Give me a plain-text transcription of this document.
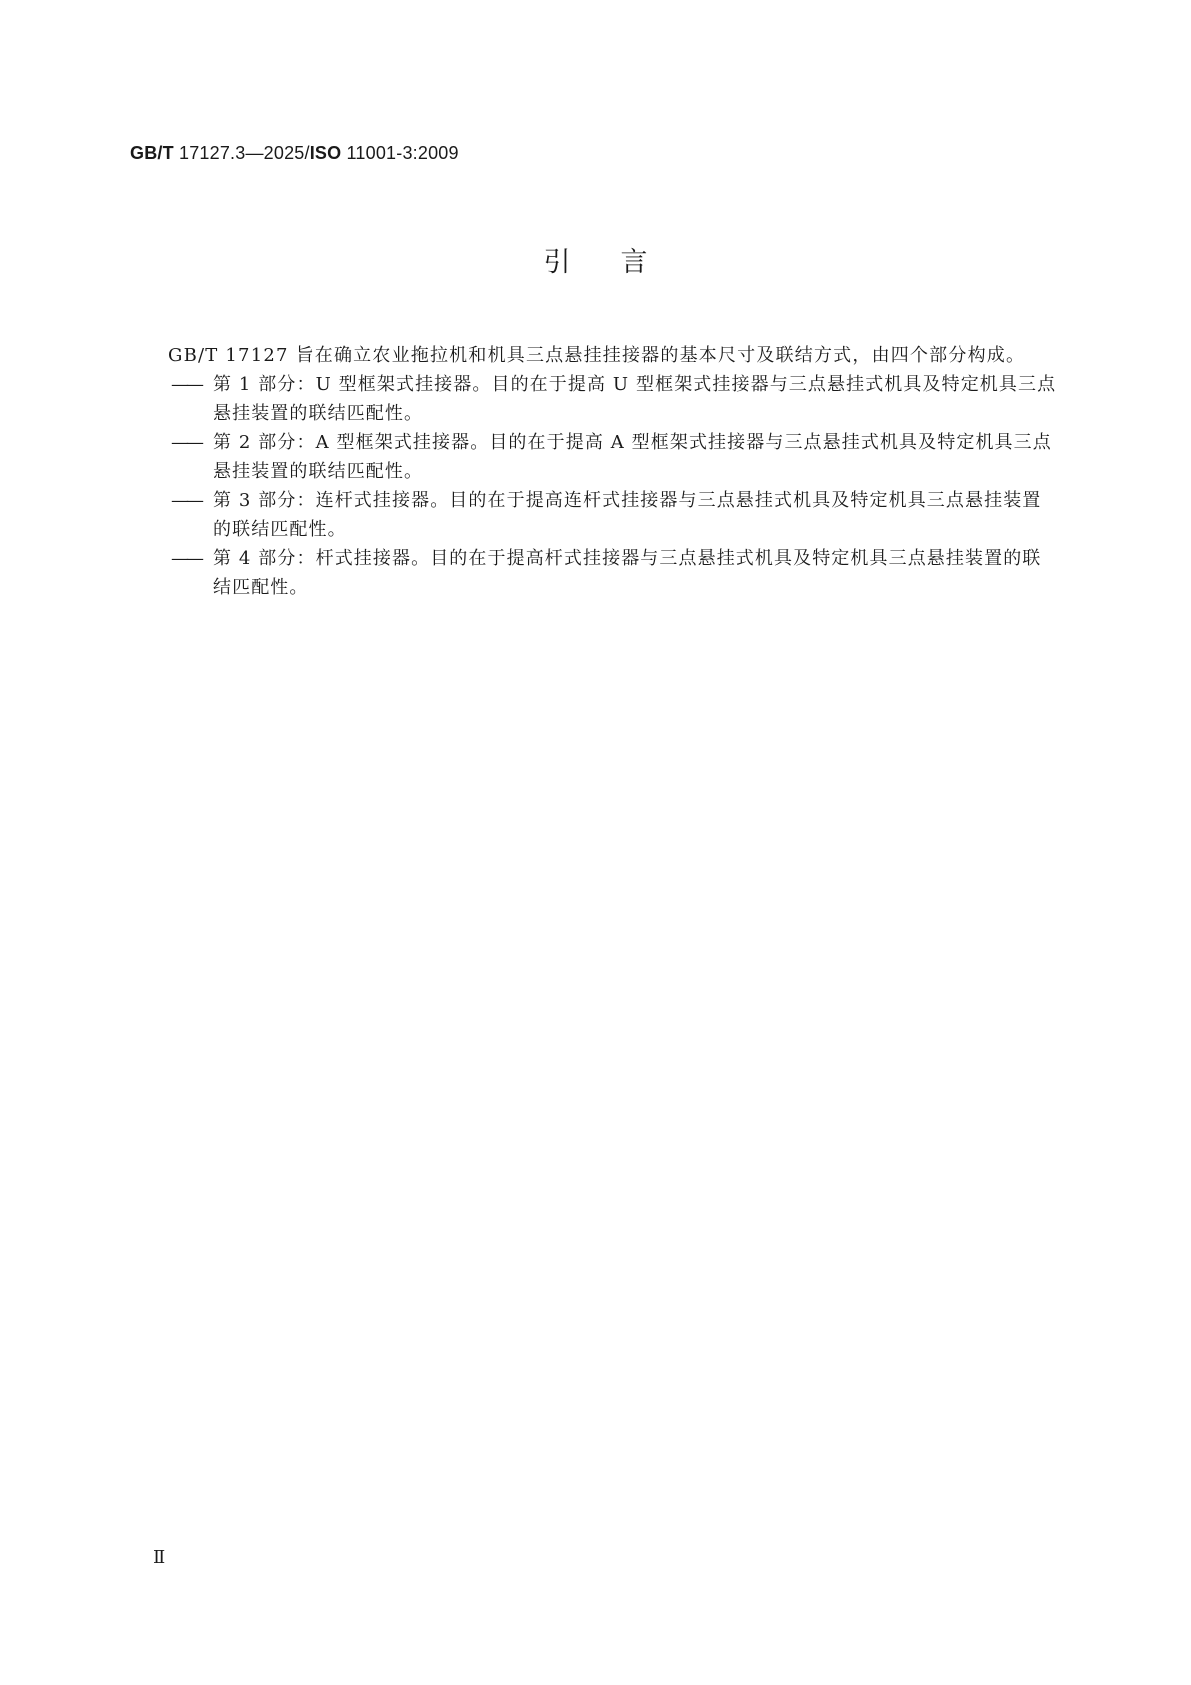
GB/T 17127.3—2025/ISO 11001-3:2009
引言

GB/T 17127 旨在确立农业拖拉机和机具三点悬挂挂接器的基本尺寸及联结方式，由四个部分构成。

—— 第 1 部分：U 型框架式挂接器。目的在于提高 U 型框架式挂接器与三点悬挂式机具及特定机具三点悬挂装置的联结匹配性。

—— 第 2 部分：A 型框架式挂接器。目的在于提高 A 型框架式挂接器与三点悬挂式机具及特定机具三点悬挂装置的联结匹配性。

—— 第 3 部分：连杆式挂接器。目的在于提高连杆式挂接器与三点悬挂式机具及特定机具三点悬挂装置的联结匹配性。

—— 第 4 部分：杆式挂接器。目的在于提高杆式挂接器与三点悬挂式机具及特定机具三点悬挂装置的联结匹配性。

Ⅱ
